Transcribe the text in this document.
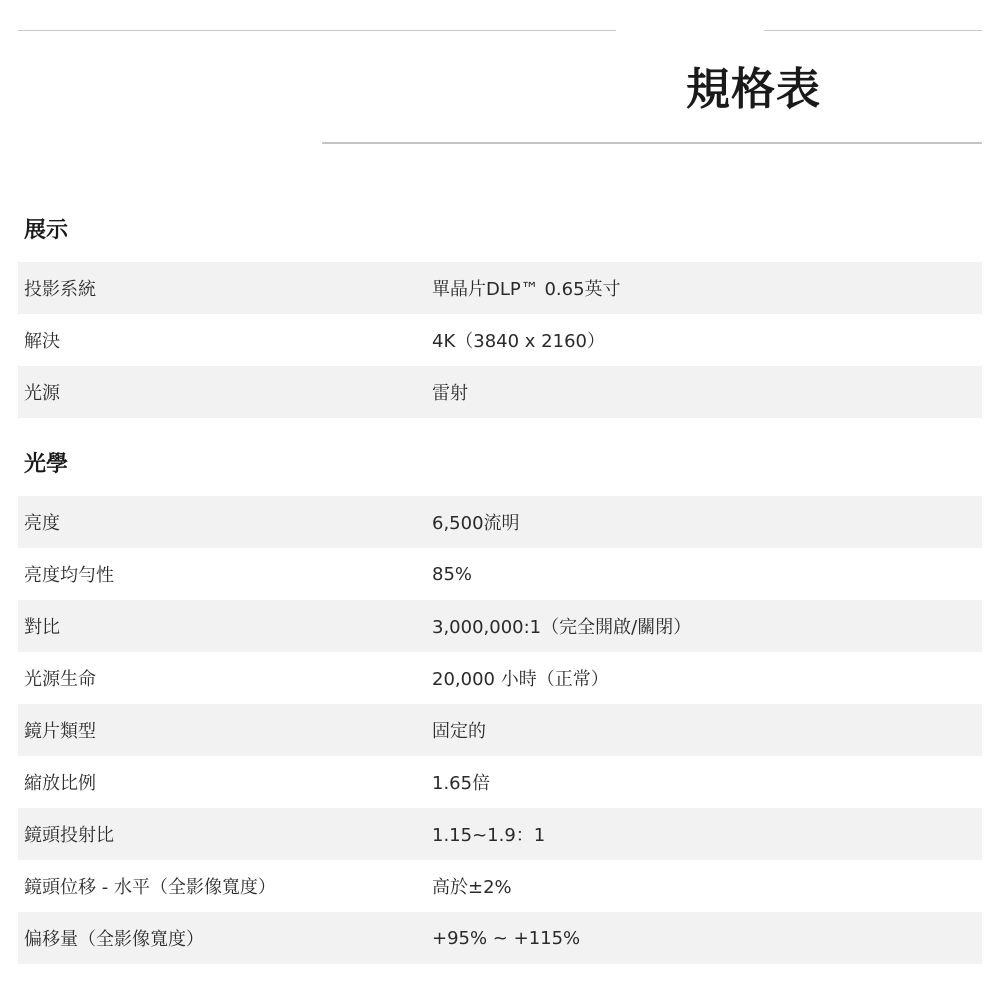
規格表
展示
投影系統	單晶片DLP™ 0.65英寸
解決	4K（3840 x 2160）
光源	雷射
光學
亮度	6,500流明
亮度均勻性	85%
對比	3,000,000:1（完全開啟/關閉）
光源生命	20,000 小時（正常）
鏡片類型	固定的
縮放比例	1.65倍
鏡頭投射比	1.15~1.9：1
鏡頭位移 - 水平（全影像寬度）	高於±2%
偏移量（全影像寬度）	+95% ~ +115%
